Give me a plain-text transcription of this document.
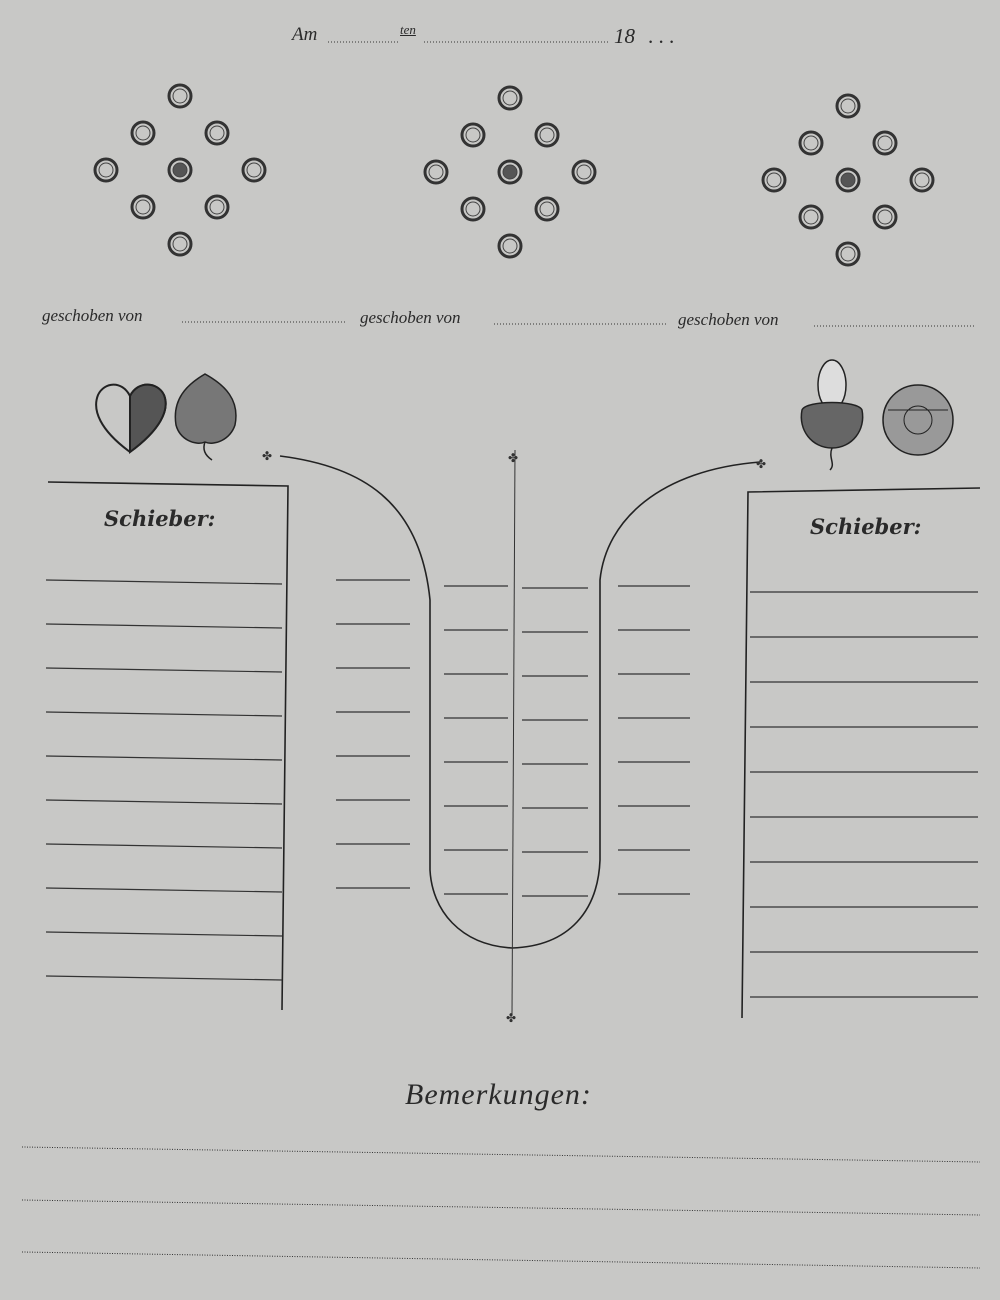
✤
✤
✤
✤
Am	ten	18 . . .
geschoben von	geschoben von	geschoben von
Schieber:	Schieber:
Bemerkungen:
